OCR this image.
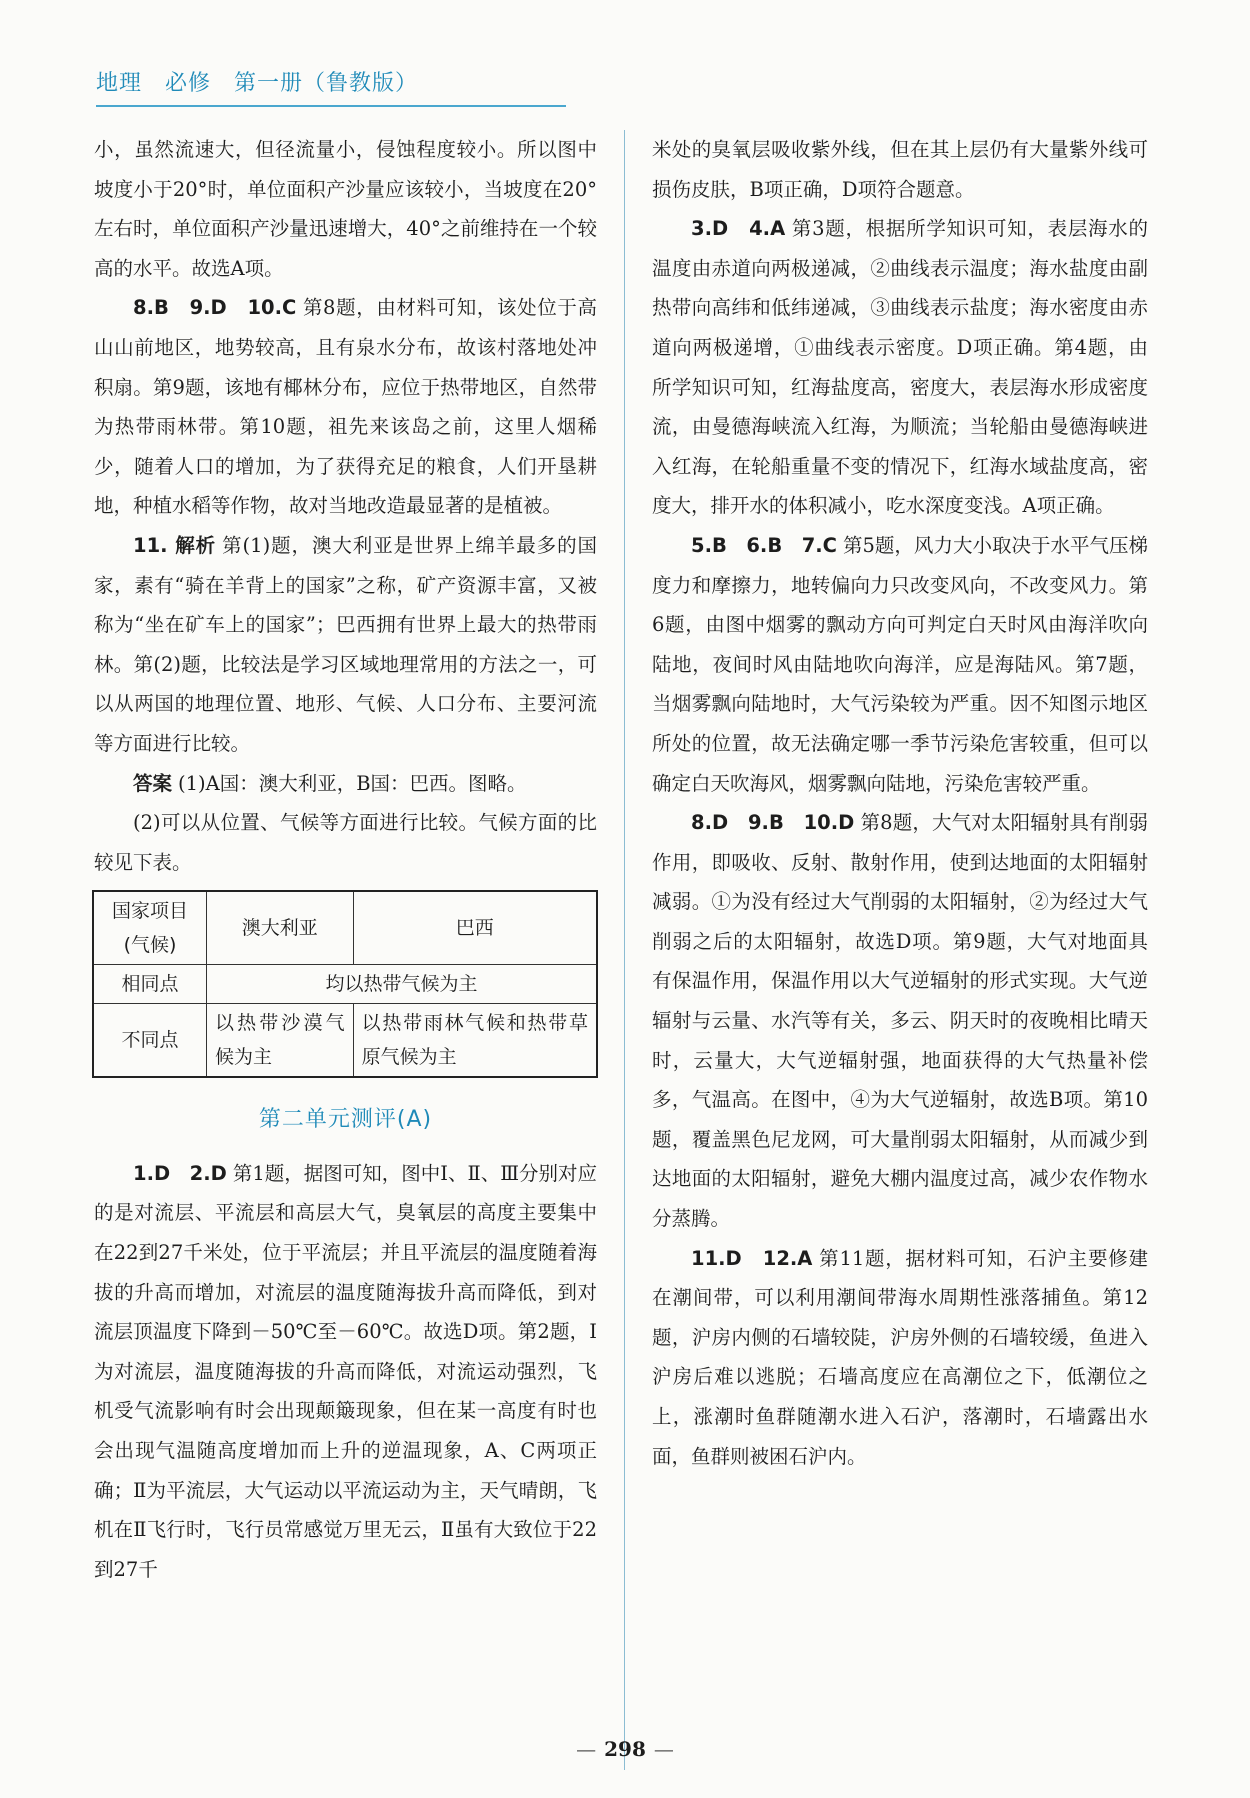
地理　必修　第一册（鲁教版）

小，虽然流速大，但径流量小，侵蚀程度较小。所以图中坡度小于20°时，单位面积产沙量应该较小，当坡度在20°左右时，单位面积产沙量迅速增大，40°之前维持在一个较高的水平。故选A项。

8.B　9.D　10.C 第8题，由材料可知，该处位于高山山前地区，地势较高，且有泉水分布，故该村落地处冲积扇。第9题，该地有椰林分布，应位于热带地区，自然带为热带雨林带。第10题，祖先来该岛之前，这里人烟稀少，随着人口的增加，为了获得充足的粮食，人们开垦耕地，种植水稻等作物，故对当地改造最显著的是植被。

11. 解析 第(1)题，澳大利亚是世界上绵羊最多的国家，素有“骑在羊背上的国家”之称，矿产资源丰富，又被称为“坐在矿车上的国家”；巴西拥有世界上最大的热带雨林。第(2)题，比较法是学习区域地理常用的方法之一，可以从两国的地理位置、地形、气候、人口分布、主要河流等方面进行比较。

答案 (1)A国：澳大利亚，B国：巴西。图略。

(2)可以从位置、气候等方面进行比较。气候方面的比较见下表。

国家项目(气候)	澳大利亚	巴西
相同点	均以热带气候为主	
不同点	以热带沙漠气候为主	以热带雨林气候和热带草原气候为主
第二单元测评(A)

1.D　2.D 第1题，据图可知，图中Ⅰ、Ⅱ、Ⅲ分别对应的是对流层、平流层和高层大气，臭氧层的高度主要集中在22到27千米处，位于平流层；并且平流层的温度随着海拔的升高而增加，对流层的温度随海拔升高而降低，到对流层顶温度下降到－50℃至－60℃。故选D项。第2题，Ⅰ为对流层，温度随海拔的升高而降低，对流运动强烈，飞机受气流影响有时会出现颠簸现象，但在某一高度有时也会出现气温随高度增加而上升的逆温现象，A、C两项正确；Ⅱ为平流层，大气运动以平流运动为主，天气晴朗，飞机在Ⅱ飞行时，飞行员常感觉万里无云，Ⅱ虽有大致位于22到27千

米处的臭氧层吸收紫外线，但在其上层仍有大量紫外线可损伤皮肤，B项正确，D项符合题意。

3.D　4.A 第3题，根据所学知识可知，表层海水的温度由赤道向两极递减，②曲线表示温度；海水盐度由副热带向高纬和低纬递减，③曲线表示盐度；海水密度由赤道向两极递增，①曲线表示密度。D项正确。第4题，由所学知识可知，红海盐度高，密度大，表层海水形成密度流，由曼德海峡流入红海，为顺流；当轮船由曼德海峡进入红海，在轮船重量不变的情况下，红海水域盐度高，密度大，排开水的体积减小，吃水深度变浅。A项正确。

5.B　6.B　7.C 第5题，风力大小取决于水平气压梯度力和摩擦力，地转偏向力只改变风向，不改变风力。第6题，由图中烟雾的飘动方向可判定白天时风由海洋吹向陆地，夜间时风由陆地吹向海洋，应是海陆风。第7题，当烟雾飘向陆地时，大气污染较为严重。因不知图示地区所处的位置，故无法确定哪一季节污染危害较重，但可以确定白天吹海风，烟雾飘向陆地，污染危害较严重。

8.D　9.B　10.D 第8题，大气对太阳辐射具有削弱作用，即吸收、反射、散射作用，使到达地面的太阳辐射减弱。①为没有经过大气削弱的太阳辐射，②为经过大气削弱之后的太阳辐射，故选D项。第9题，大气对地面具有保温作用，保温作用以大气逆辐射的形式实现。大气逆辐射与云量、水汽等有关，多云、阴天时的夜晚相比晴天时，云量大，大气逆辐射强，地面获得的大气热量补偿多，气温高。在图中，④为大气逆辐射，故选B项。第10题，覆盖黑色尼龙网，可大量削弱太阳辐射，从而减少到达地面的太阳辐射，避免大棚内温度过高，减少农作物水分蒸腾。

11.D　12.A 第11题，据材料可知，石沪主要修建在潮间带，可以利用潮间带海水周期性涨落捕鱼。第12题，沪房内侧的石墙较陡，沪房外侧的石墙较缓，鱼进入沪房后难以逃脱；石墙高度应在高潮位之下，低潮位之上，涨潮时鱼群随潮水进入石沪，落潮时，石墙露出水面，鱼群则被困石沪内。

— 298 —
